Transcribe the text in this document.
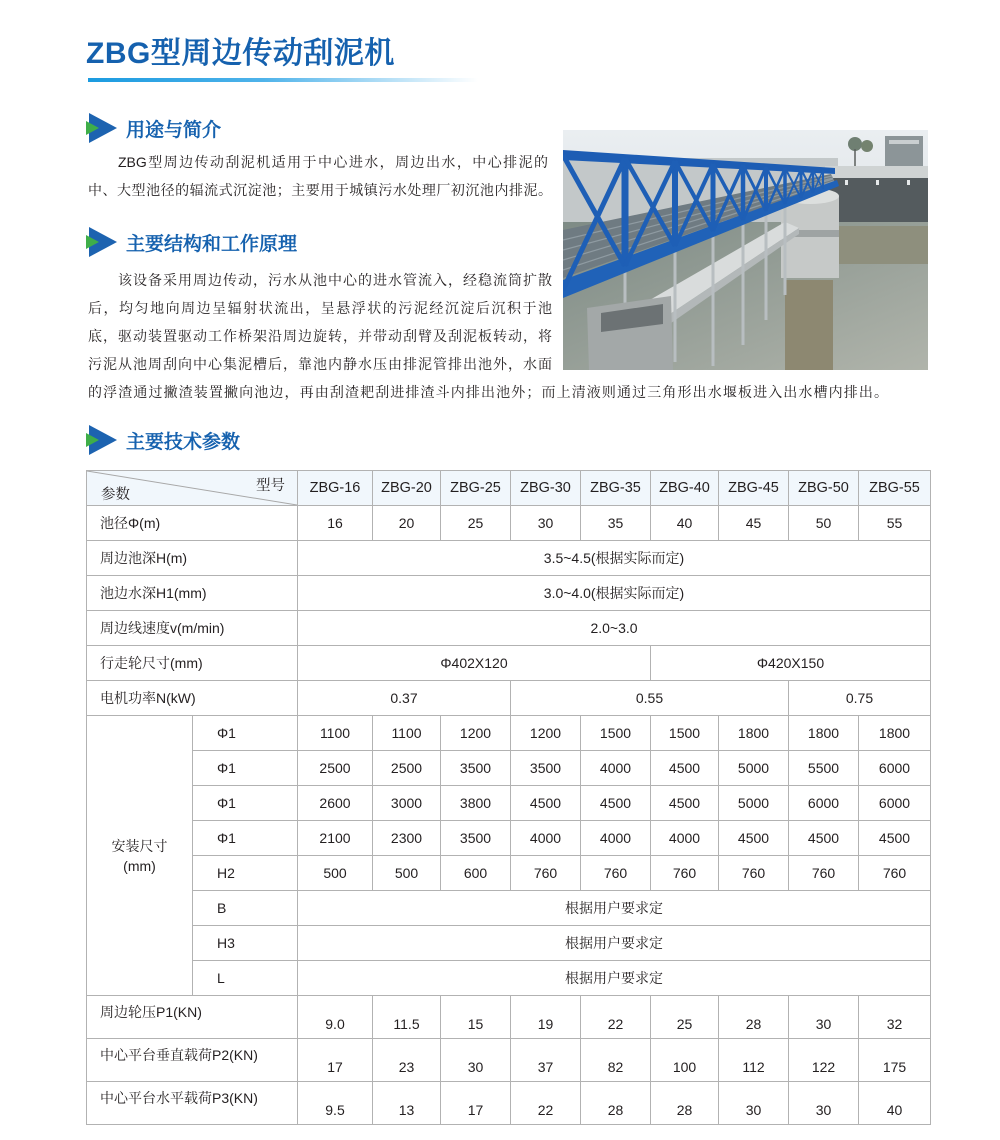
ZBG型周边传动刮泥机
用途与简介
ZBG型周边传动刮泥机适用于中心进水，周边出水，中心排泥的
中、大型池径的辐流式沉淀池；主要用于城镇污水处理厂初沉池内排泥。
主要结构和工作原理
该设备采用周边传动，污水从池中心的进水管流入，经稳流筒扩散
后，均匀地向周边呈辐射状流出，呈悬浮状的污泥经沉淀后沉积于池
底，驱动装置驱动工作桥架沿周边旋转，并带动刮臂及刮泥板转动，将
污泥从池周刮向中心集泥槽后，靠池内静水压由排泥管排出池外，水面
的浮渣通过撇渣装置撇向池边，再由刮渣耙刮进排渣斗内排出池外；而上清液则通过三角形出水堰板进入出水槽内排出。
主要技术参数
型号
参数		ZBG-16	ZBG-20	ZBG-25	ZBG-30	ZBG-35	ZBG-40	ZBG-45	ZBG-50	ZBG-55
池径Φ(m)		16	20	25	30	35	40	45	50	55
周边池深H(m)		3.5~4.5(根据实际而定)								
池边水深H1(mm)		3.0~4.0(根据实际而定)								
周边线速度v(m/min)		2.0~3.0								
行走轮尺寸(mm)		Φ402X120					Φ420X150			
电机功率N(kW)		0.37			0.55				0.75	
安装尺寸
(mm)	Φ1	1100	1100	1200	1200	1500	1500	1800	1800	1800
	Φ1	2500	2500	3500	3500	4000	4500	5000	5500	6000
	Φ1	2600	3000	3800	4500	4500	4500	5000	6000	6000
	Φ1	2100	2300	3500	4000	4000	4000	4500	4500	4500
	H2	500	500	600	760	760	760	760	760	760
	B	根据用户要求定								
	H3	根据用户要求定								
	L	根据用户要求定								
周边轮压P1(KN)		9.0	11.5	15	19	22	25	28	30	32
中心平台垂直载荷P2(KN)		17	23	30	37	82	100	112	122	175
中心平台水平载荷P3(KN)		9.5	13	17	22	28	28	30	30	40
